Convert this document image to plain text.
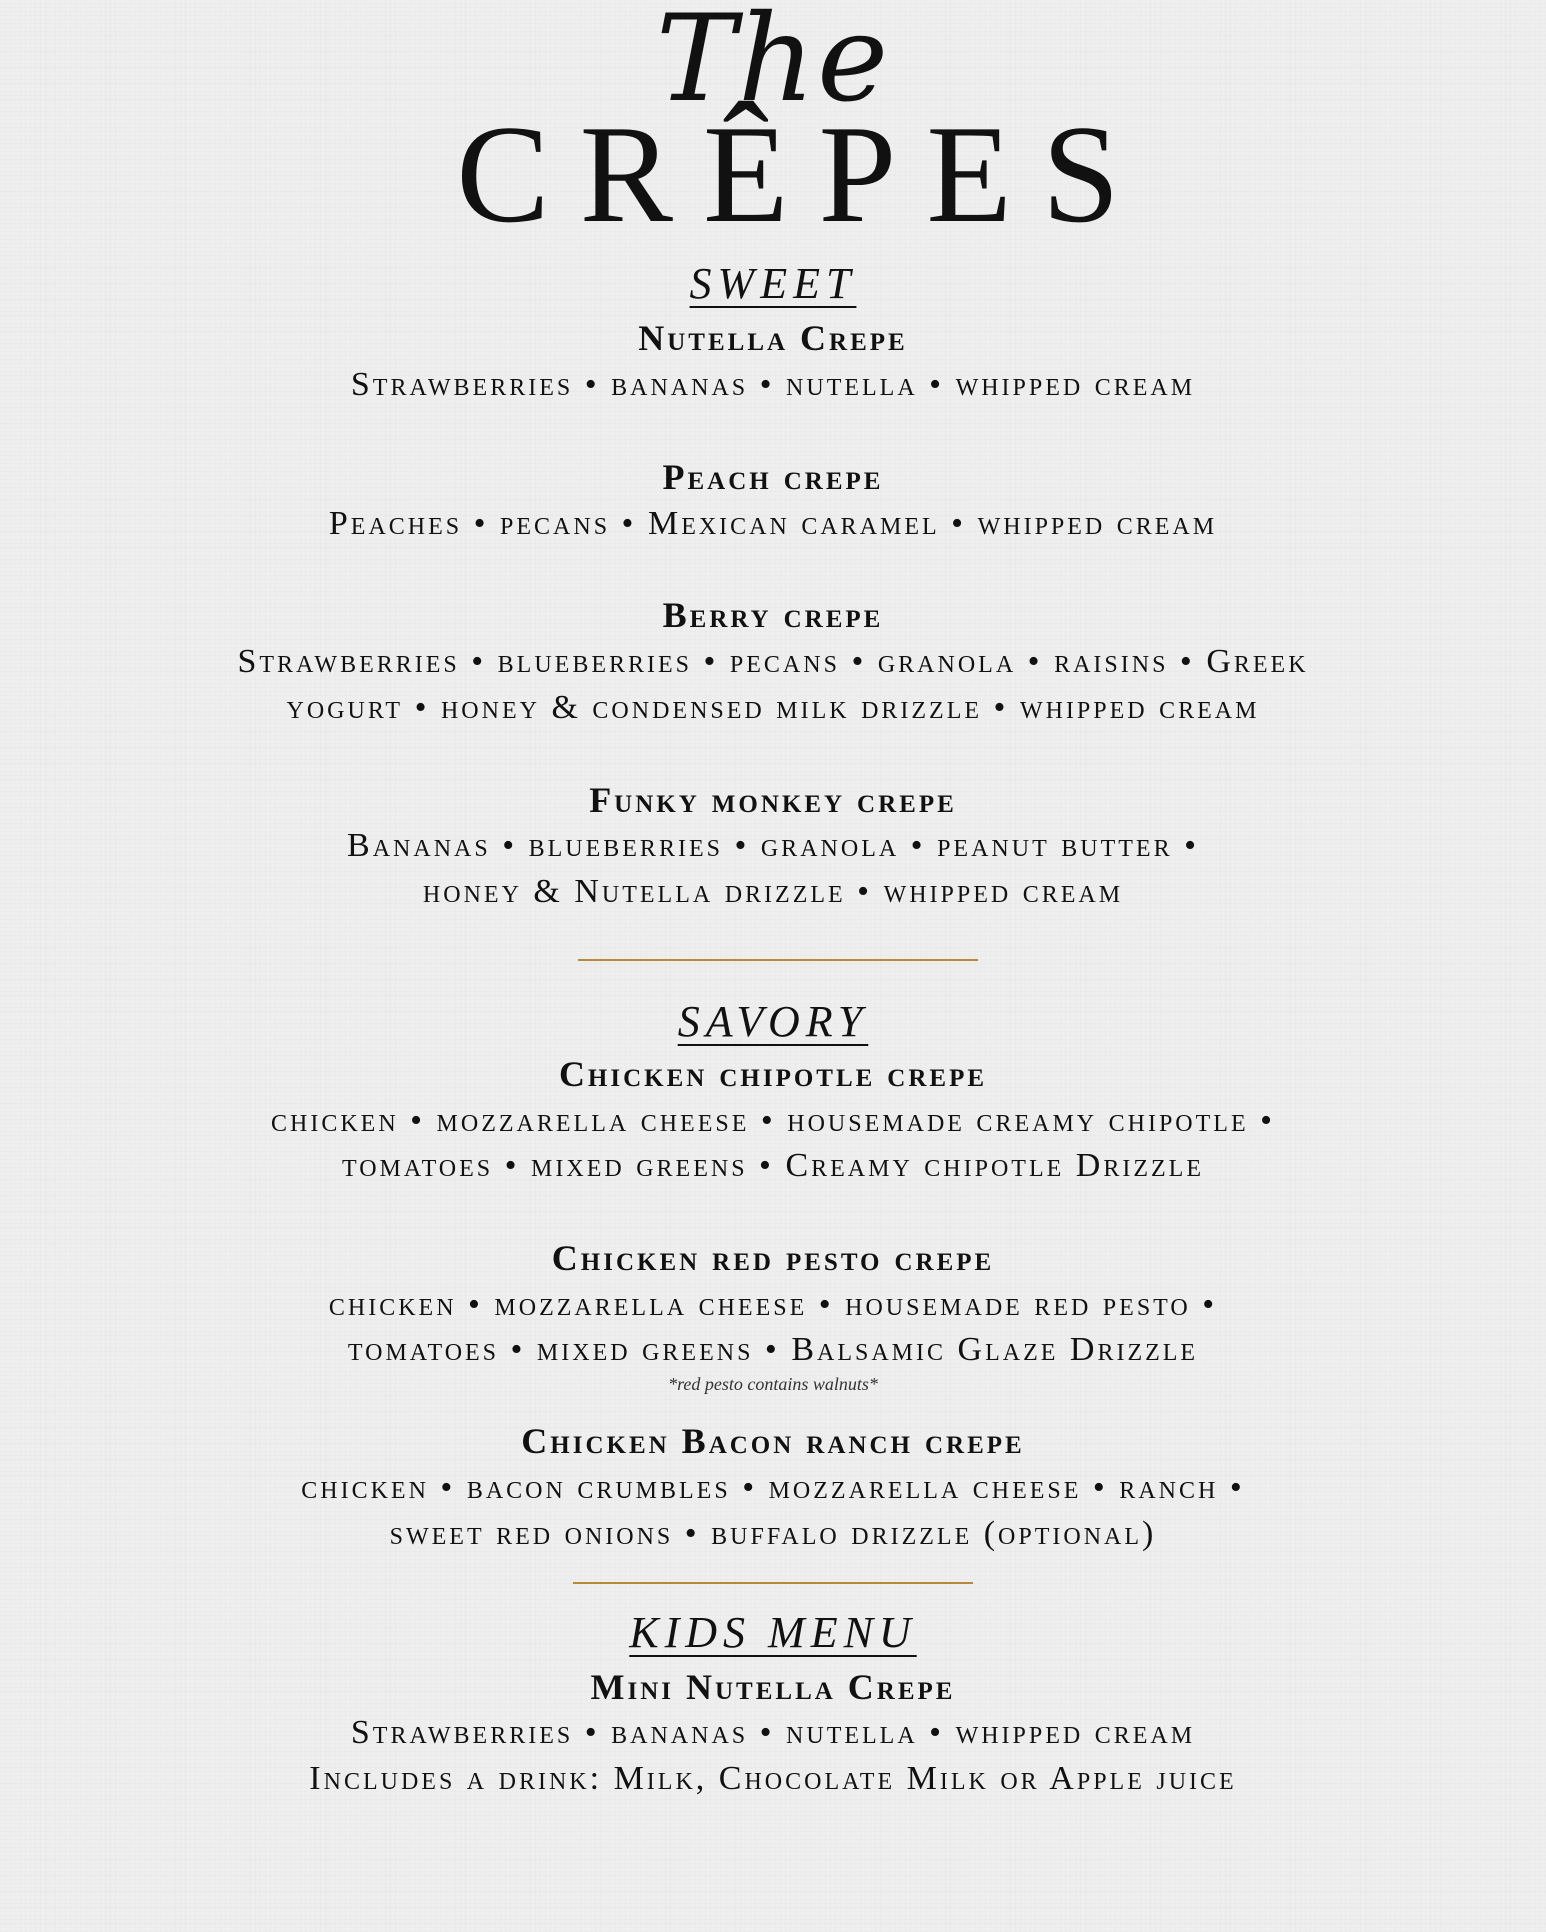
The
CRÊPES
SWEET
Nutella Crepe
Strawberries • bananas • nutella • whipped cream
Peach crepe
Peaches • pecans • Mexican caramel • whipped cream
Berry crepe
Strawberries • blueberries • pecans • granola • raisins • Greek
yogurt • honey & condensed milk drizzle • whipped cream
Funky monkey crepe
Bananas • blueberries • granola • peanut butter •
honey & Nutella drizzle • whipped cream
SAVORY
Chicken chipotle crepe
chicken • mozzarella cheese • housemade creamy chipotle •
tomatoes • mixed greens • Creamy chipotle Drizzle
Chicken red pesto crepe
chicken • mozzarella cheese • housemade red pesto •
tomatoes • mixed greens • Balsamic Glaze Drizzle
*red pesto contains walnuts*
Chicken Bacon ranch crepe
chicken • bacon crumbles • mozzarella cheese • ranch •
sweet red onions • buffalo drizzle (optional)
KIDS MENU
Mini Nutella Crepe
Strawberries • bananas • nutella • whipped cream
Includes a drink: Milk, Chocolate Milk or Apple juice
